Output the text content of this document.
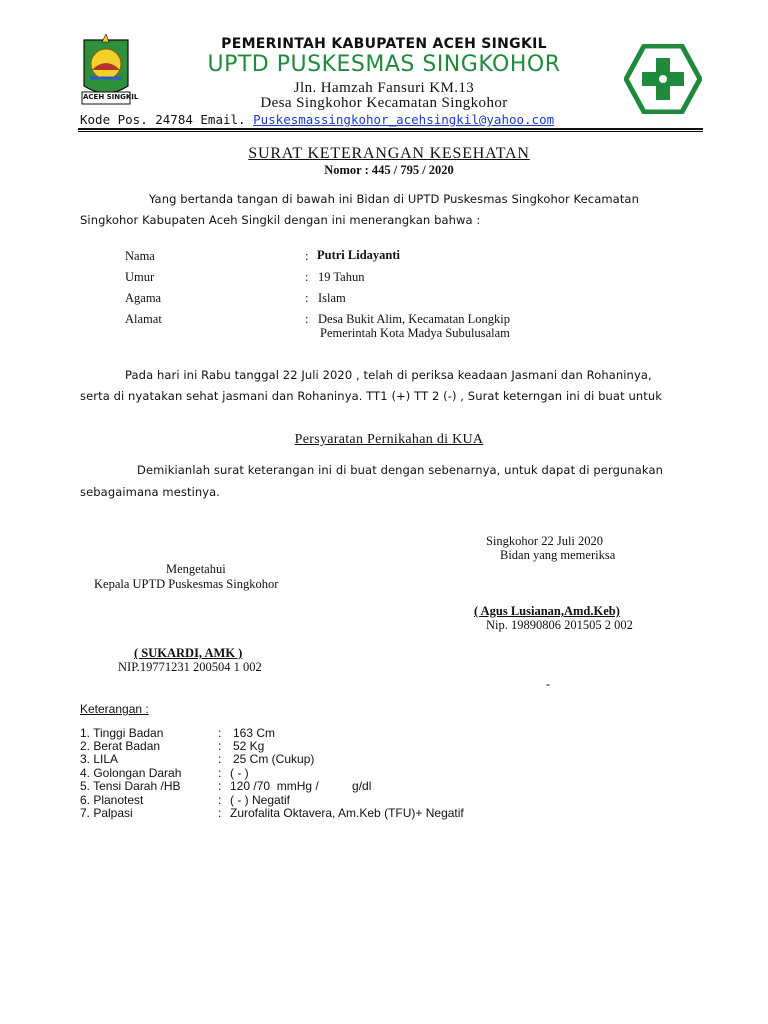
ACEH SINGKIL
PEMERINTAH KABUPATEN ACEH SINGKIL
UPTD PUSKESMAS SINGKOHOR
Jln. Hamzah Fansuri KM.13
Desa Singkohor Kecamatan Singkohor
Kode Pos. 24784 Email. Puskesmassingkohor_acehsingkil@yahoo.com
SURAT KETERANGAN KESEHATAN
Nomor : 445 / 795 / 2020
Yang bertanda tangan di bawah ini Bidan di UPTD Puskesmas Singkohor Kecamatan
Singkohor Kabupaten Aceh Singkil dengan ini menerangkan bahwa :
Nama	: Putri Lidayanti
Umur	: 19 Tahun
Agama	: Islam
Alamat	: Desa Bukit Alim, Kecamatan Longkip
Pemerintah Kota Madya Subulusalam
Pada hari ini Rabu tanggal 22 Juli 2020 , telah di periksa keadaan Jasmani dan Rohaninya,
serta di nyatakan sehat jasmani dan Rohaninya. TT1 (+) TT 2 (-) , Surat keterngan ini di buat untuk
Persyaratan Pernikahan di KUA
Demikianlah surat keterangan ini di buat dengan sebenarnya, untuk dapat di pergunakan
sebagaimana mestinya.
Singkohor 22 Juli 2020
Bidan yang memeriksa
Mengetahui
Kepala UPTD Puskesmas Singkohor
( Agus Lusianan,Amd.Keb)
Nip. 19890806 201505 2 002
( SUKARDI, AMK )
NIP.19771231 200504 1 002
-
Keterangan :
1. Tinggi Badan	: 163 Cm
2. Berat Badan	: 52 Kg
3. LILA	: 25 Cm (Cukup)
4. Golongan Darah	: ( - )
5. Tensi Darah /HB	: 120 /70  mmHg /          g/dl
6. Planotest	: ( - ) Negatif
7. Palpasi	: Zurofalita Oktavera, Am.Keb (TFU)+ Negatif
